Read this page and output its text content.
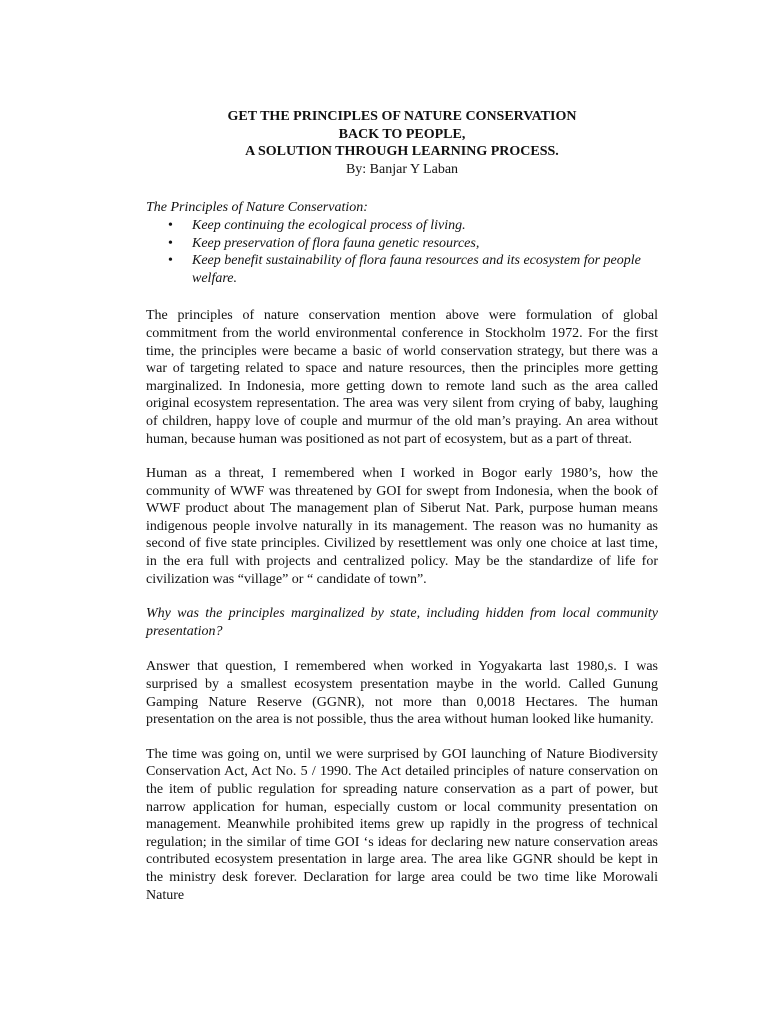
GET THE PRINCIPLES OF NATURE CONSERVATION
BACK TO PEOPLE,
A SOLUTION THROUGH LEARNING PROCESS.
By: Banjar Y Laban
The Principles of Nature Conservation:
• Keep continuing the ecological process of living.
• Keep preservation of flora fauna genetic resources,
• Keep benefit sustainability of flora fauna resources and its ecosystem for people welfare.

The principles of nature conservation mention above were formulation of global commitment from the world environmental conference in Stockholm 1972. For the first time, the principles were became a basic of world conservation strategy, but there was a war of targeting related to space and nature resources, then the principles more getting marginalized. In Indonesia, more getting down to remote land such as the area called original ecosystem representation. The area was very silent from crying of baby, laughing of children, happy love of couple and murmur of the old man’s praying. An area without human, because human was positioned as not part of ecosystem, but as a part of threat.

Human as a threat, I remembered when I worked in Bogor early 1980’s, how the community of WWF was threatened by GOI for swept from Indonesia, when the book of WWF product about The management plan of Siberut Nat. Park, purpose human means indigenous people involve naturally in its management. The reason was no humanity as second of five state principles. Civilized by resettlement was only one choice at last time, in the era full with projects and centralized policy. May be the standardize of life for civilization was “village” or “ candidate of town”.

Why was the principles marginalized by state, including hidden from local community presentation?

Answer that question, I remembered when worked in Yogyakarta last 1980,s. I was surprised by a smallest ecosystem presentation maybe in the world. Called Gunung Gamping Nature Reserve (GGNR), not more than 0,0018 Hectares. The human presentation on the area is not possible, thus the area without human looked like humanity.

The time was going on, until we were surprised by GOI launching of Nature Biodiversity Conservation Act, Act No. 5 / 1990. The Act detailed principles of nature conservation on the item of public regulation for spreading nature conservation as a part of power, but narrow application for human, especially custom or local community presentation on management. Meanwhile prohibited items grew up rapidly in the progress of technical regulation; in the similar of time GOI ‘s ideas for declaring new nature conservation areas contributed ecosystem presentation in large area. The area like GGNR should be kept in the ministry desk forever. Declaration for large area could be two time like Morowali Nature
